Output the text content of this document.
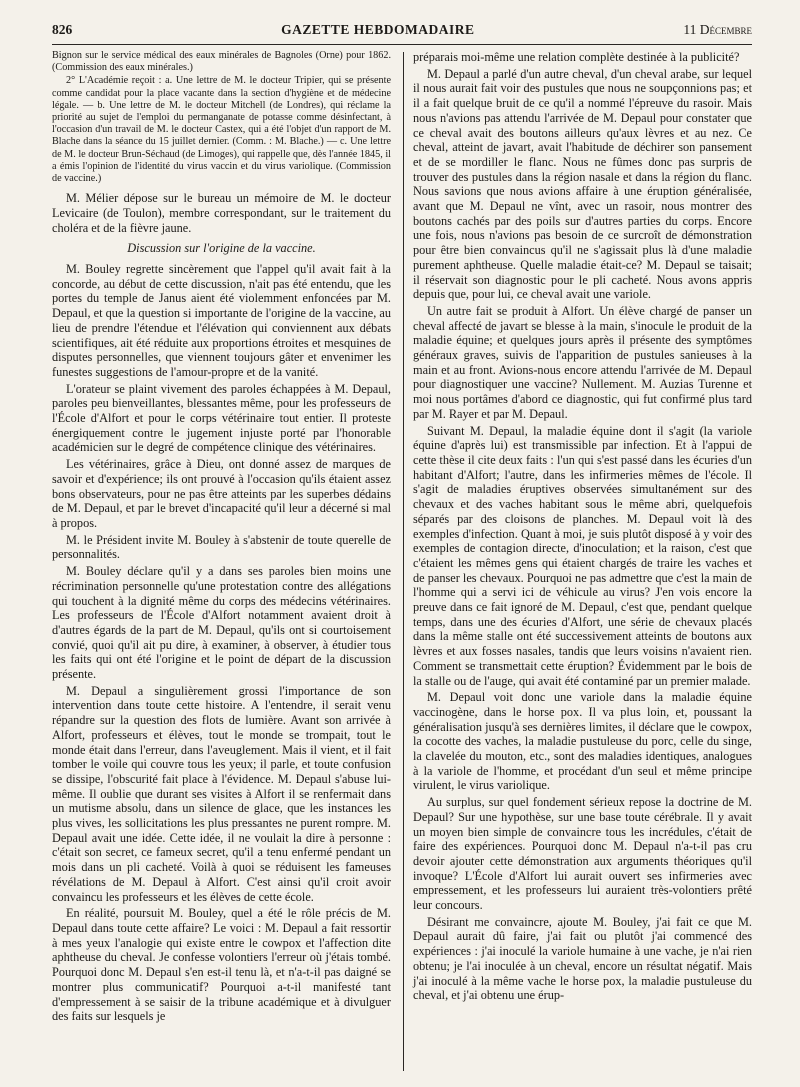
826	GAZETTE HEBDOMADAIRE	11 Décembre

Bignon sur le service médical des eaux minérales de Bagnoles (Orne) pour 1862. (Commission des eaux minérales.)

2° L'Académie reçoit : a. Une lettre de M. le docteur Tripier, qui se présente comme candidat pour la place vacante dans la section d'hygiène et de médecine légale. — b. Une lettre de M. le docteur Mitchell (de Londres), qui réclame la priorité au sujet de l'emploi du permanganate de potasse comme désinfectant, à l'occasion d'un travail de M. le docteur Castex, qui a été l'objet d'un rapport de M. Blache dans la séance du 15 juillet dernier. (Comm. : M. Blache.) — c. Une lettre de M. le docteur Brun-Séchaud (de Limoges), qui rappelle que, dès l'année 1845, il a émis l'opinion de l'identité du virus vaccin et du virus variolique. (Commission de vaccine.)

M. Mélier dépose sur le bureau un mémoire de M. le docteur Levicaire (de Toulon), membre correspondant, sur le traitement du choléra et de la fièvre jaune.

Discussion sur l'origine de la vaccine.

M. Bouley regrette sincèrement que l'appel qu'il avait fait à la concorde, au début de cette discussion, n'ait pas été entendu, que les portes du temple de Janus aient été violemment enfoncées par M. Depaul, et que la question si importante de l'origine de la vaccine, au lieu de prendre l'étendue et l'élévation qui conviennent aux débats scientifiques, ait été réduite aux proportions étroites et mesquines de disputes personnelles, que viennent toujours gâter et envenimer les funestes suggestions de l'amour-propre et de la vanité.

L'orateur se plaint vivement des paroles échappées à M. Depaul, paroles peu bienveillantes, blessantes même, pour les professeurs de l'École d'Alfort et pour le corps vétérinaire tout entier. Il proteste énergiquement contre le jugement injuste porté par l'honorable académicien sur le degré de compétence clinique des vétérinaires.

Les vétérinaires, grâce à Dieu, ont donné assez de marques de savoir et d'expérience; ils ont prouvé à l'occasion qu'ils étaient assez bons observateurs, pour ne pas être atteints par les superbes dédains de M. Depaul, et par le brevet d'incapacité qu'il leur a décerné si mal à propos.

M. le Président invite M. Bouley à s'abstenir de toute querelle de personnalités.

M. Bouley déclare qu'il y a dans ses paroles bien moins une récrimination personnelle qu'une protestation contre des allégations qui touchent à la dignité même du corps des médecins vétérinaires. Les professeurs de l'École d'Alfort notamment avaient droit à d'autres égards de la part de M. Depaul, qu'ils ont si courtoisement convié, quoi qu'il ait pu dire, à examiner, à observer, à étudier tous les faits qui ont été l'origine et le point de départ de la discussion présente.

M. Depaul a singulièrement grossi l'importance de son intervention dans toute cette histoire. A l'entendre, il serait venu répandre sur la question des flots de lumière. Avant son arrivée à Alfort, professeurs et élèves, tout le monde se trompait, tout le monde était dans l'erreur, dans l'aveuglement. Mais il vient, et il fait tomber le voile qui couvre tous les yeux; il parle, et toute confusion se dissipe, l'obscurité fait place à l'évidence. M. Depaul s'abuse lui-même. Il oublie que durant ses visites à Alfort il se renfermait dans un mutisme absolu, dans un silence de glace, que les instances les plus vives, les sollicitations les plus pressantes ne purent rompre. M. Depaul avait une idée. Cette idée, il ne voulait la dire à personne : c'était son secret, ce fameux secret, qu'il a tenu enfermé pendant un mois dans un pli cacheté. Voilà à quoi se réduisent les fameuses révélations de M. Depaul à Alfort. C'est ainsi qu'il croit avoir convaincu les professeurs et les élèves de cette école.

En réalité, poursuit M. Bouley, quel a été le rôle précis de M. Depaul dans toute cette affaire? Le voici : M. Depaul a fait ressortir à mes yeux l'analogie qui existe entre le cowpox et l'affection dite aphtheuse du cheval. Je confesse volontiers l'erreur où j'étais tombé. Pourquoi donc M. Depaul s'en est-il tenu là, et n'a-t-il pas daigné se montrer plus communicatif? Pourquoi a-t-il manifesté tant d'empressement à se saisir de la tribune académique et à divulguer des faits sur lesquels je

préparais moi-même une relation complète destinée à la publicité?

M. Depaul a parlé d'un autre cheval, d'un cheval arabe, sur lequel il nous aurait fait voir des pustules que nous ne soupçonnions pas; et il a fait quelque bruit de ce qu'il a nommé l'épreuve du rasoir. Mais nous n'avions pas attendu l'arrivée de M. Depaul pour constater que ce cheval avait des boutons ailleurs qu'aux lèvres et au nez. Ce cheval, atteint de javart, avait l'habitude de déchirer son pansement et de se mordiller le flanc. Nous ne fûmes donc pas surpris de trouver des pustules dans la région nasale et dans la région du flanc. Nous savions que nous avions affaire à une éruption généralisée, avant que M. Depaul ne vînt, avec un rasoir, nous montrer des boutons cachés par des poils sur d'autres parties du corps. Encore une fois, nous n'avions pas besoin de ce surcroît de démonstration pour être bien convaincus qu'il ne s'agissait plus là d'une maladie purement aphtheuse. Quelle maladie était-ce? M. Depaul se taisait; il réservait son diagnostic pour le pli cacheté. Nous avons appris depuis que, pour lui, ce cheval avait une variole.

Un autre fait se produit à Alfort. Un élève chargé de panser un cheval affecté de javart se blesse à la main, s'inocule le produit de la maladie équine; et quelques jours après il présente des symptômes généraux graves, suivis de l'apparition de pustules sanieuses à la main et au front. Avions-nous encore attendu l'arrivée de M. Depaul pour diagnostiquer une vaccine? Nullement. M. Auzias Turenne et moi nous portâmes d'abord ce diagnostic, qui fut confirmé plus tard par M. Rayer et par M. Depaul.

Suivant M. Depaul, la maladie équine dont il s'agit (la variole équine d'après lui) est transmissible par infection. Et à l'appui de cette thèse il cite deux faits : l'un qui s'est passé dans les écuries d'un habitant d'Alfort; l'autre, dans les infirmeries mêmes de l'école. Il s'agit de maladies éruptives observées simultanément sur des chevaux et des vaches habitant sous le même abri, quelquefois séparés par des cloisons de planches. M. Depaul voit là des exemples d'infection. Quant à moi, je suis plutôt disposé à y voir des exemples de contagion directe, d'inoculation; et la raison, c'est que c'étaient les mêmes gens qui étaient chargés de traire les vaches et de panser les chevaux. Pourquoi ne pas admettre que c'est la main de l'homme qui a servi ici de véhicule au virus? J'en vois encore la preuve dans ce fait ignoré de M. Depaul, c'est que, pendant quelque temps, dans une des écuries d'Alfort, une série de chevaux placés dans la même stalle ont été successivement atteints de boutons aux lèvres et aux fosses nasales, tandis que leurs voisins n'avaient rien. Comment se transmettait cette éruption? Évidemment par le bois de la stalle ou de l'auge, qui avait été contaminé par un premier malade.

M. Depaul voit donc une variole dans la maladie équine vaccinogène, dans le horse pox. Il va plus loin, et, poussant la généralisation jusqu'à ses dernières limites, il déclare que le cowpox, la cocotte des vaches, la maladie pustuleuse du porc, celle du singe, la clavelée du mouton, etc., sont des maladies identiques, analogues à la variole de l'homme, et procédant d'un seul et même principe virulent, le virus variolique.

Au surplus, sur quel fondement sérieux repose la doctrine de M. Depaul? Sur une hypothèse, sur une base toute cérébrale. Il y avait un moyen bien simple de convaincre tous les incrédules, c'était de faire des expériences. Pourquoi donc M. Depaul n'a-t-il pas cru devoir ajouter cette démonstration aux arguments théoriques qu'il invoque? L'École d'Alfort lui aurait ouvert ses infirmeries avec empressement, et les professeurs lui auraient très-volontiers prêté leur concours.

Désirant me convaincre, ajoute M. Bouley, j'ai fait ce que M. Depaul aurait dû faire, j'ai fait ou plutôt j'ai commencé des expériences : j'ai inoculé la variole humaine à une vache, je n'ai rien obtenu; je l'ai inoculée à un cheval, encore un résultat négatif. Mais j'ai inoculé à la même vache le horse pox, la maladie pustuleuse du cheval, et j'ai obtenu une érup-
